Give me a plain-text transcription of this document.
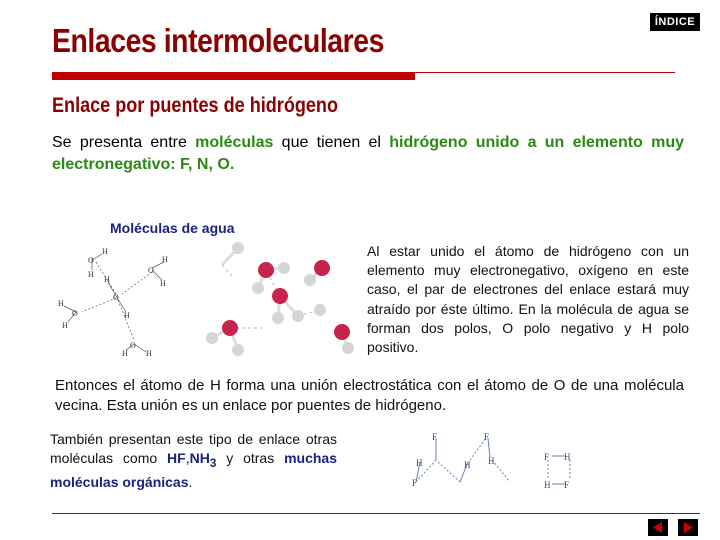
Enlaces intermoleculares	ÍNDICE
Enlace por puentes de hidrógeno
Se presenta entre moléculas que tienen el hidrógeno unido a un elemento muy electronegativo: F, N, O.
Moléculas de agua
O
H
H
O
H
H
O
H
H
O
H
H
O
H H
Al estar unido el átomo de hidrógeno con un elemento muy electronegativo, oxígeno en este caso, el par de electrones del enlace estará muy atraído por éste último. En la molécula de agua se forman dos polos, O polo negativo y H polo positivo.
Entonces el átomo de H forma una unión electrostática con el átomo de O de una molécula vecina. Esta unión es un enlace por puentes de hidrógeno.
También presentan este tipo de enlace otras moléculas como $HF,NH_3$ y otras muchas moléculas orgánicas.
F
H
F
H
F
H	H
F
F
H
